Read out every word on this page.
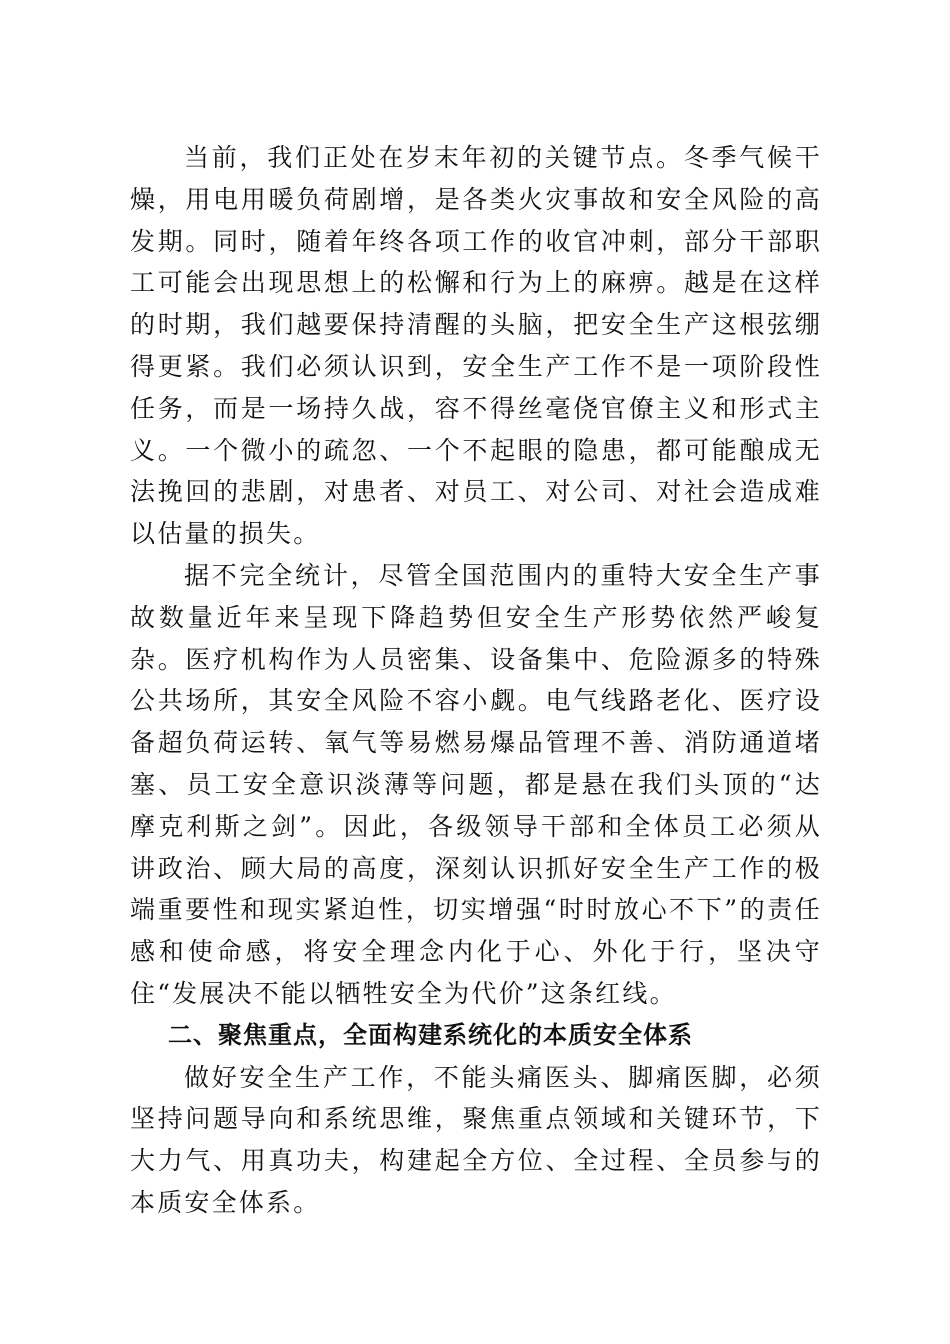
当前，我们正处在岁末年初的关键节点。冬季气候干燥，用电用暖负荷剧增，是各类火灾事故和安全风险的高发期。同时，随着年终各项工作的收官冲刺，部分干部职工可能会出现思想上的松懈和行为上的麻痹。越是在这样的时期，我们越要保持清醒的头脑，把安全生产这根弦绷得更紧。我们必须认识到，安全生产工作不是一项阶段性任务，而是一场持久战，容不得丝毫侥官僚主义和形式主义。一个微小的疏忽、一个不起眼的隐患，都可能酿成无法挽回的悲剧，对患者、对员工、对公司、对社会造成难以估量的损失。

据不完全统计，尽管全国范围内的重特大安全生产事故数量近年来呈现下降趋势但安全生产形势依然严峻复杂。医疗机构作为人员密集、设备集中、危险源多的特殊公共场所，其安全风险不容小觑。电气线路老化、医疗设备超负荷运转、氧气等易燃易爆品管理不善、消防通道堵塞、员工安全意识淡薄等问题，都是悬在我们头顶的“达摩克利斯之剑”。因此，各级领导干部和全体员工必须从讲政治、顾大局的高度，深刻认识抓好安全生产工作的极端重要性和现实紧迫性，切实增强“时时放心不下”的责任感和使命感，将安全理念内化于心、外化于行，坚决守住“发展决不能以牺牲安全为代价”这条红线。

二、聚焦重点，全面构建系统化的本质安全体系

做好安全生产工作，不能头痛医头、脚痛医脚，必须坚持问题导向和系统思维，聚焦重点领域和关键环节，下大力气、用真功夫，构建起全方位、全过程、全员参与的本质安全体系。
